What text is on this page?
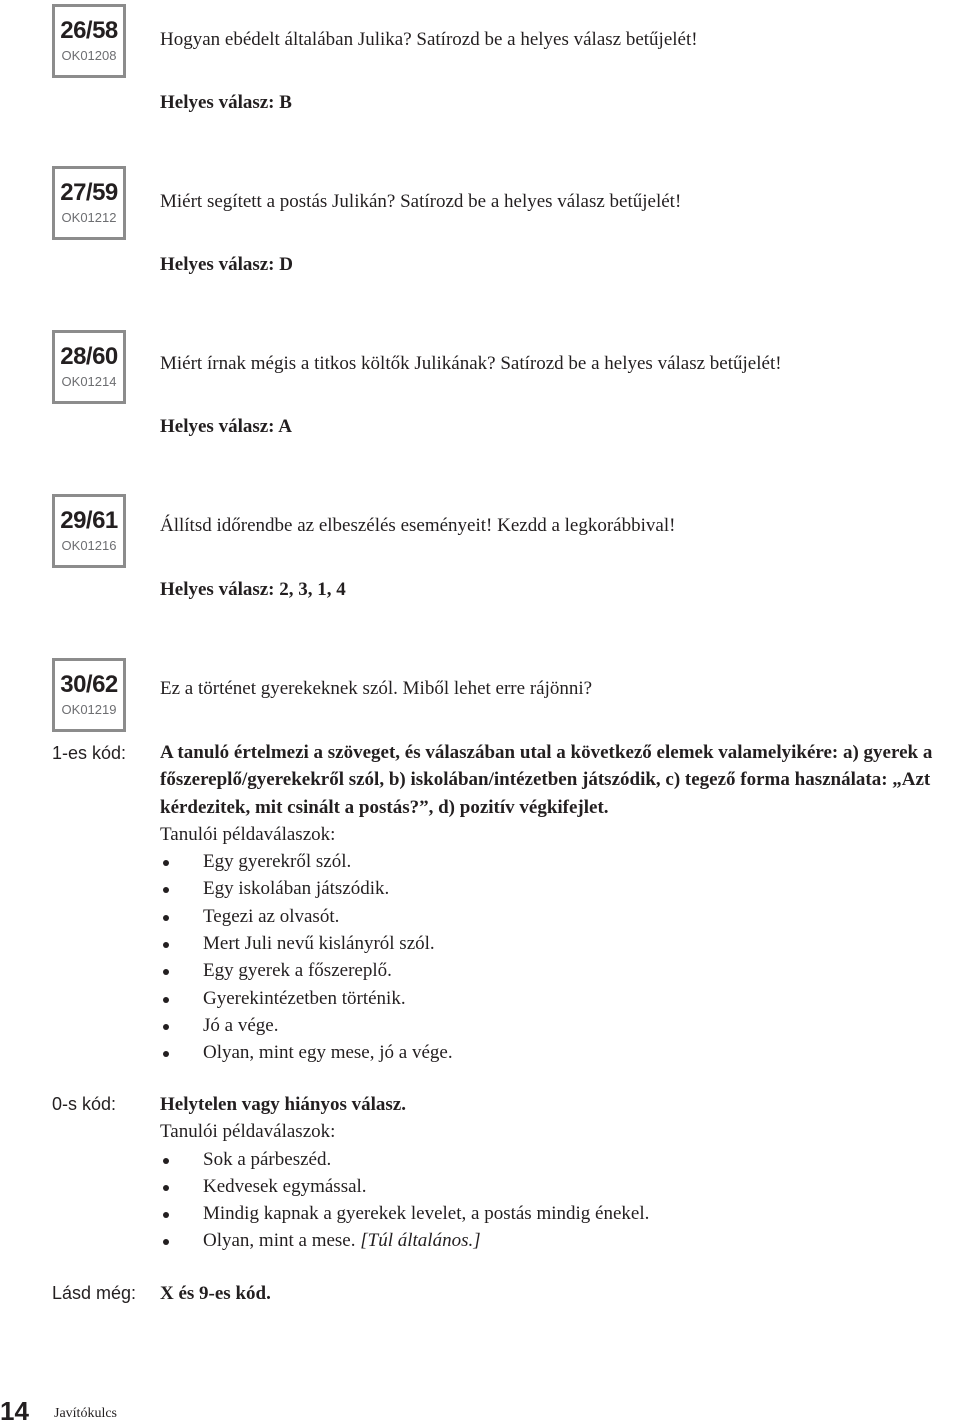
26/58
OK01208
Hogyan ebédelt általában Julika? Satírozd be a helyes válasz betűjelét!
Helyes válasz: B
27/59
OK01212
Miért segített a postás Julikán? Satírozd be a helyes válasz betűjelét!
Helyes válasz: D
28/60
OK01214
Miért írnak mégis a titkos költők Julikának? Satírozd be a helyes válasz betűjelét!
Helyes válasz: A
29/61
OK01216
Állítsd időrendbe az elbeszélés eseményeit! Kezdd a legkorábbival!
Helyes válasz: 2, 3, 1, 4
30/62
OK01219
Ez a történet gyerekeknek szól. Miből lehet erre rájönni?
1-es kód: A tanuló értelmezi a szöveget, és válaszában utal a következő elemek valamelyikére: a) gyerek a főszereplő/gyerekekről szól, b) iskolában/intézetben játszódik, c) tegező forma használata: „Azt kérdezitek, mit csinált a postás?”, d) pozitív végkifejlet.

Tanulói példaválaszok:

Egy gyerekről szól.
Egy iskolában játszódik.
Tegezi az olvasót.
Mert Juli nevű kislányról szól.
Egy gyerek a főszereplő.
Gyerekintézetben történik.
Jó a vége.
Olyan, mint egy mese, jó a vége.
0-s kód: Helytelen vagy hiányos válasz.

Tanulói példaválaszok:

Sok a párbeszéd.
Kedvesek egymással.
Mindig kapnak a gyerekek levelet, a postás mindig énekel.
Olyan, mint a mese. [Túl általános.]
Lásd még: X és 9-es kód.
14 Javítókulcs
